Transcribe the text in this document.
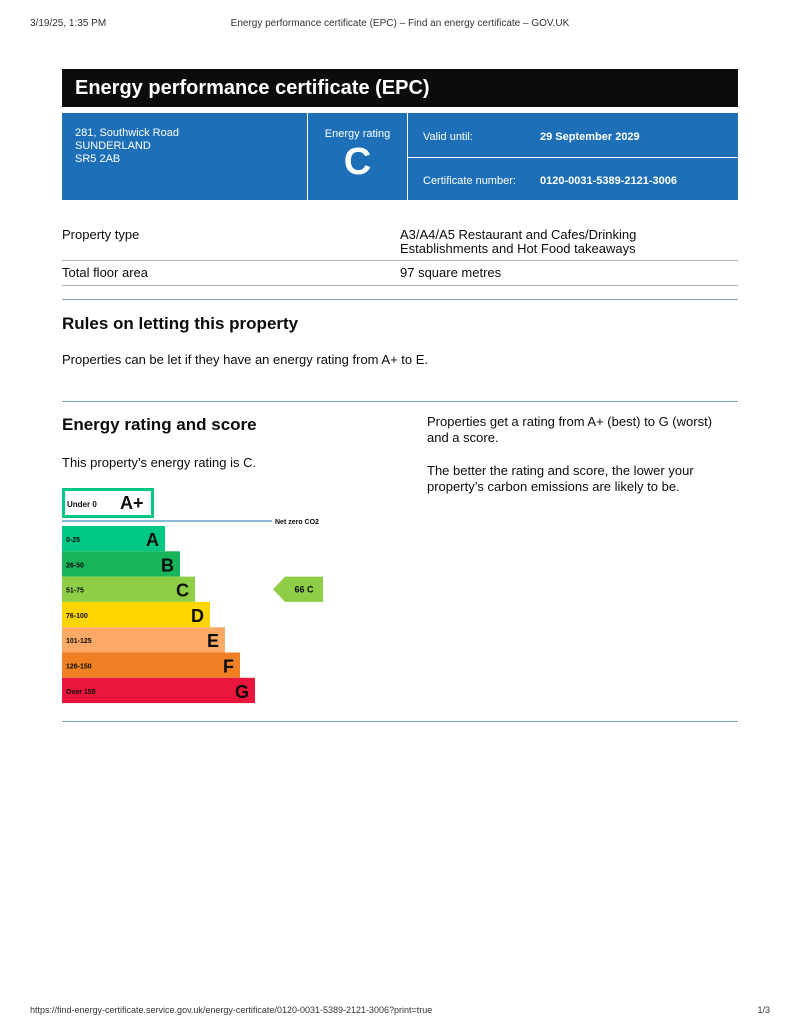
3/19/25, 1:35 PM	Energy performance certificate (EPC) – Find an energy certificate – GOV.UK
Energy performance certificate (EPC)
281, Southwick Road
SUNDERLAND
SR5 2AB
Energy rating
C
Valid until:	29 September 2029
Certificate number: 0120-0031-5389-2121-3006
Property type	A3/A4/A5 Restaurant and Cafes/Drinking
Establishments and Hot Food takeaways
Total floor area	97 square metres
Rules on letting this property
Properties can be let if they have an energy rating from A+ to E.
Energy rating and score
This property’s energy rating is C.
Properties get a rating from A+ (best) to G (worst)
and a score.
The better the rating and score, the lower your
property’s carbon emissions are likely to be.
Under 0 A+
0-25	A
26-50	B
51-75	C
76-100	D
101-125	E
126-150	F
Over 150	G
Net zero CO2
66 C
https://find-energy-certificate.service.gov.uk/energy-certificate/0120-0031-5389-2121-3006?print=true	1/3
